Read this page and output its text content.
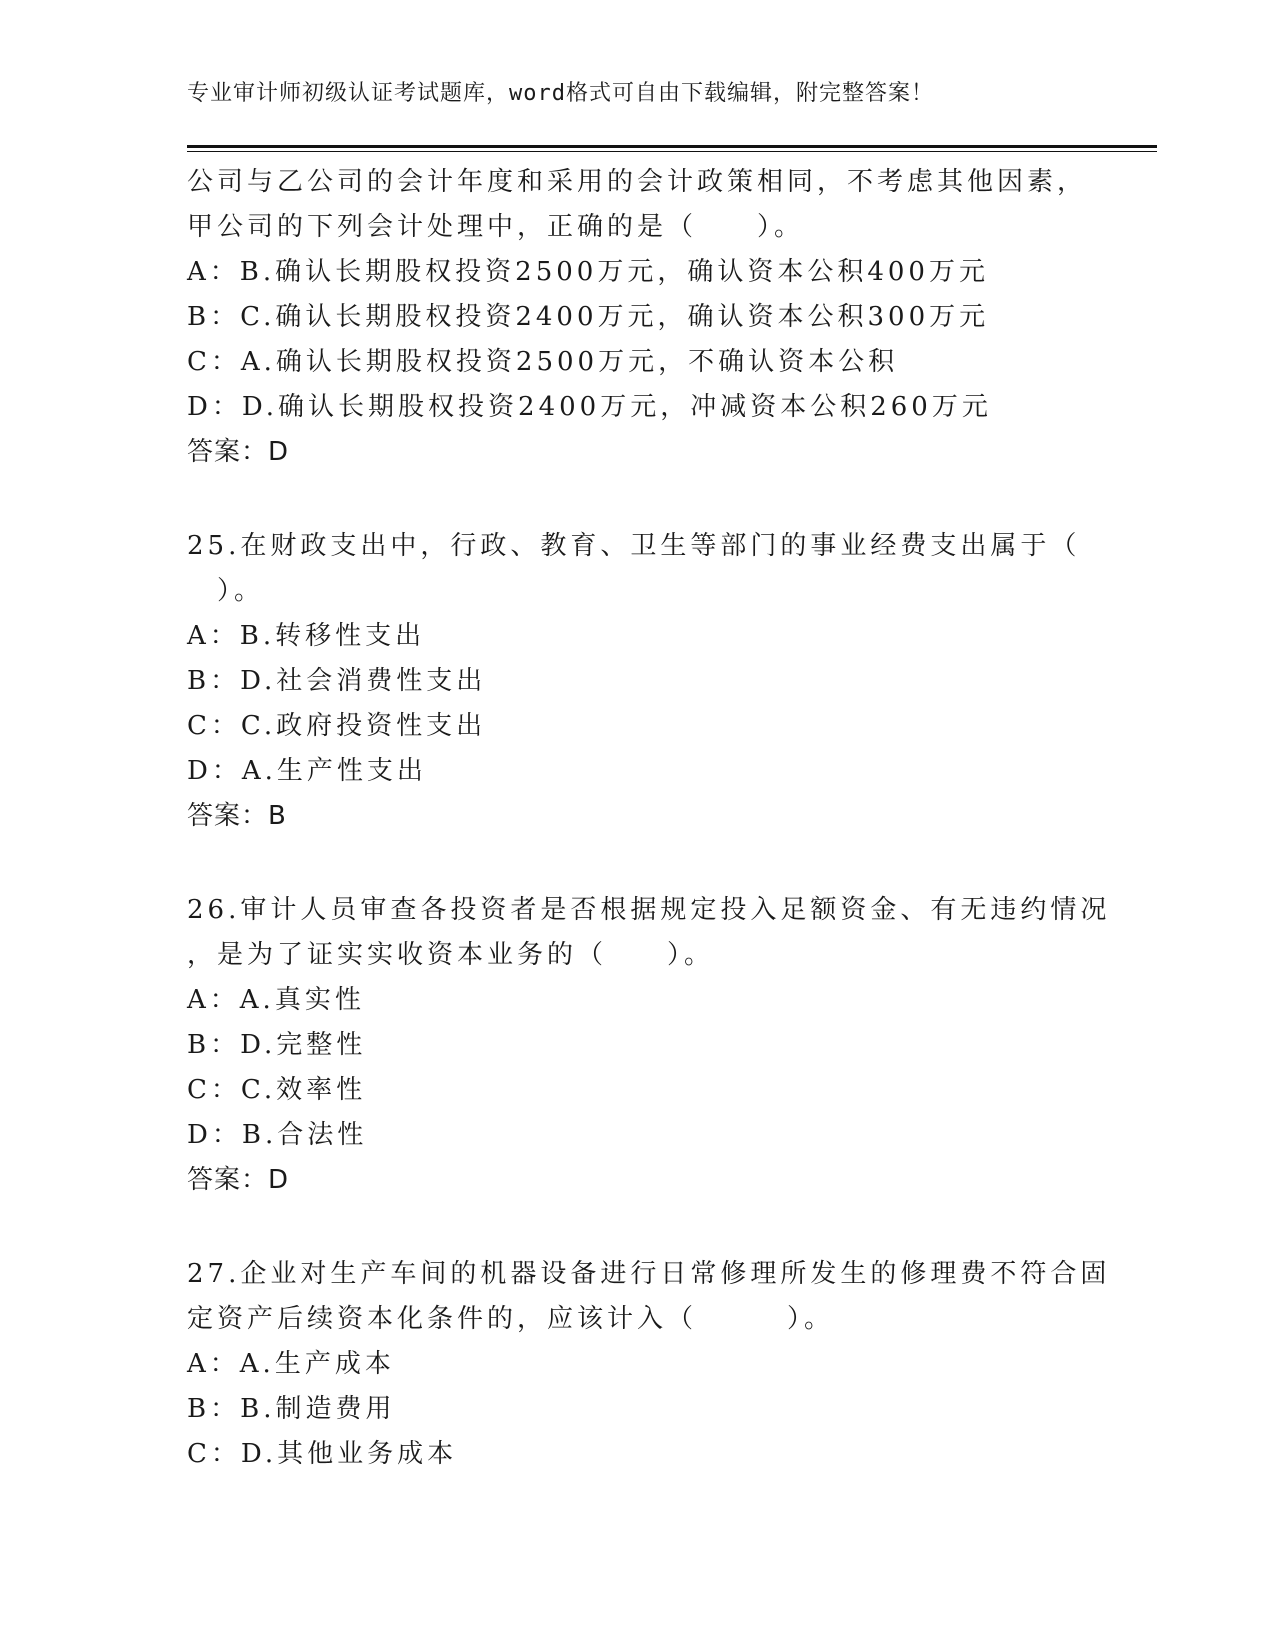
专业审计师初级认证考试题库，word格式可自由下载编辑，附完整答案！
公司与乙公司的会计年度和采用的会计政策相同，不考虑其他因素，
甲公司的下列会计处理中，正确的是（　　）。
A：B.确认长期股权投资2500万元，确认资本公积400万元
B：C.确认长期股权投资2400万元，确认资本公积300万元
C：A.确认长期股权投资2500万元，不确认资本公积
D：D.确认长期股权投资2400万元，冲减资本公积260万元
答案：D
25.在财政支出中，行政、教育、卫生等部门的事业经费支出属于（
　）。
A：B.转移性支出
B：D.社会消费性支出
C：C.政府投资性支出
D：A.生产性支出
答案：B
26.审计人员审查各投资者是否根据规定投入足额资金、有无违约情况
，是为了证实实收资本业务的（　　）。
A：A.真实性
B：D.完整性
C：C.效率性
D：B.合法性
答案：D
27.企业对生产车间的机器设备进行日常修理所发生的修理费不符合固
定资产后续资本化条件的，应该计入（　　　）。
A：A.生产成本
B：B.制造费用
C：D.其他业务成本
